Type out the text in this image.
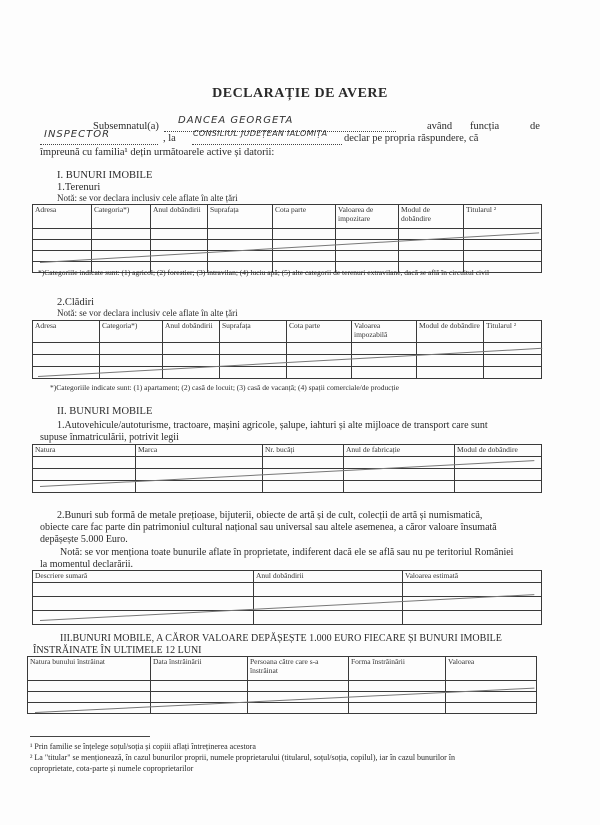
DECLARAȚIE DE AVERE
Subsemnatul(a)
DANCEA GEORGETA
având funcția	de
INSPECTOR	, la CONSILIUL JUDEȚEAN IALOMIȚA declar pe propria răspundere, că
împreună cu familia¹ dețin următoarele active și datorii:
I. BUNURI IMOBILE
1.Terenuri
Notă: se vor declara inclusiv cele aflate în alte țări
Adresa	Categoria*)	Anul dobândirii	Suprafața	Cota parte	Valoarea de impozitare	Modul de dobândire	Titularul ²

*)Categoriile indicate sunt: (1) agricol; (2) forestier; (3) intravilan; (4) luciu apă; (5) alte categorii de terenuri extravilane, dacă se află în circuitul civil
2.Clădiri
Notă: se vor declara inclusiv cele aflate în alte țări
Adresa	Categoria*)	Anul dobândirii	Suprafața	Cota parte	Valoarea impozabilă	Modul de dobândire	Titularul ²

*)Categoriile indicate sunt: (1) apartament; (2) casă de locuit; (3) casă de vacanță; (4) spații comerciale/de producție
II. BUNURI MOBILE
1.Autovehicule/autoturisme, tractoare, mașini agricole, șalupe, iahturi și alte mijloace de transport care sunt
supuse înmatriculării, potrivit legii
Natura	Marca	Nr. bucăți	Anul de fabricație	Modul de dobândire

2.Bunuri sub formă de metale prețioase, bijuterii, obiecte de artă și de cult, colecții de artă și numismatică,
obiecte care fac parte din patrimoniul cultural național sau universal sau altele asemenea, a căror valoare însumată
depășește 5.000 Euro.
Notă: se vor menționa toate bunurile aflate în proprietate, indiferent dacă ele se află sau nu pe teritoriul României
la momentul declarării.
Descriere sumară	Anul dobândirii	Valoarea estimată

III.BUNURI MOBILE, A CĂROR VALOARE DEPĂȘEȘTE 1.000 EURO FIECARE ȘI BUNURI IMOBILE
ÎNSTRĂINATE ÎN ULTIMELE 12 LUNI
Natura bunului înstrăinat	Data înstrăinării	Persoana către care s-a înstrăinat	Forma înstrăinării	Valoarea

¹ Prin familie se înțelege soțul/soția și copiii aflați întreținerea acestora
² La "titular" se menționează, în cazul bunurilor proprii, numele proprietarului (titularul, soțul/soția, copilul), iar în cazul bunurilor în
coproprietate, cota-parte și numele coproprietarilor
